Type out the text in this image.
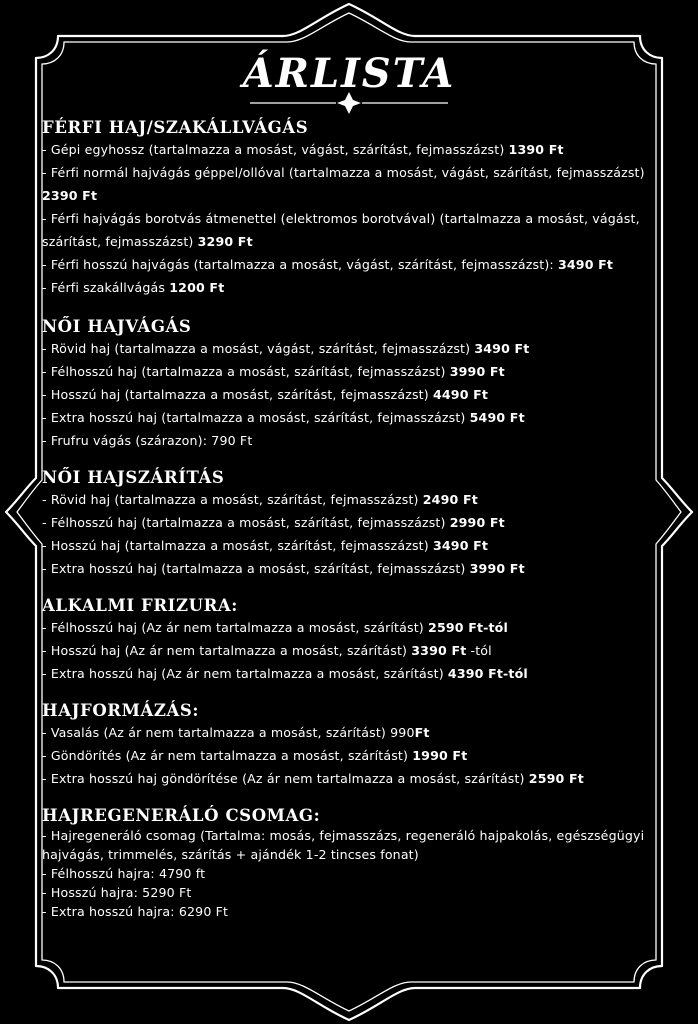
ÁRLISTA
FÉRFI HAJ/SZAKÁLLVÁGÁS
- Gépi egyhossz (tartalmazza a mosást, vágást, szárítást, fejmasszázst) 1390 Ft
- Férfi normál hajvágás géppel/ollóval (tartalmazza a mosást, vágást, szárítást, fejmasszázst) 2390 Ft
- Férfi hajvágás borotvás átmenettel (elektromos borotvával) (tartalmazza a mosást, vágást, szárítást, fejmasszázst) 3290 Ft
- Férfi hosszú hajvágás (tartalmazza a mosást, vágást, szárítást, fejmasszázst): 3490 Ft
- Férfi szakállvágás 1200 Ft
NŐI HAJVÁGÁS
- Rövid haj (tartalmazza a mosást, vágást, szárítást, fejmasszázst) 3490 Ft
- Félhosszú haj (tartalmazza a mosást, szárítást, fejmasszázst) 3990 Ft
- Hosszú haj (tartalmazza a mosást, szárítást, fejmasszázst) 4490 Ft
- Extra hosszú haj (tartalmazza a mosást, szárítást, fejmasszázst) 5490 Ft
- Frufru vágás (szárazon): 790 Ft
NŐI HAJSZÁRÍTÁS
- Rövid haj (tartalmazza a mosást, szárítást, fejmasszázst) 2490 Ft
- Félhosszú haj (tartalmazza a mosást, szárítást, fejmasszázst) 2990 Ft
- Hosszú haj (tartalmazza a mosást, szárítást, fejmasszázst) 3490 Ft
- Extra hosszú haj (tartalmazza a mosást, szárítást, fejmasszázst) 3990 Ft
ALKALMI FRIZURA:
- Félhosszú haj (Az ár nem tartalmazza a mosást, szárítást) 2590 Ft-tól
- Hosszú haj (Az ár nem tartalmazza a mosást, szárítást) 3390 Ft -tól
- Extra hosszú haj (Az ár nem tartalmazza a mosást, szárítást) 4390 Ft-tól
HAJFORMÁZÁS:
- Vasalás (Az ár nem tartalmazza a mosást, szárítást) 990Ft
- Göndörítés (Az ár nem tartalmazza a mosást, szárítást) 1990 Ft
- Extra hosszú haj göndörítése (Az ár nem tartalmazza a mosást, szárítást) 2590 Ft
HAJREGENERÁLÓ CSOMAG:
- Hajregeneráló csomag (Tartalma: mosás, fejmasszázs, regeneráló hajpakolás, egészségügyi hajvágás, trimmelés, szárítás + ajándék 1-2 tincses fonat)
- Félhosszú hajra: 4790 ft
- Hosszú hajra: 5290 Ft
- Extra hosszú hajra: 6290 Ft
